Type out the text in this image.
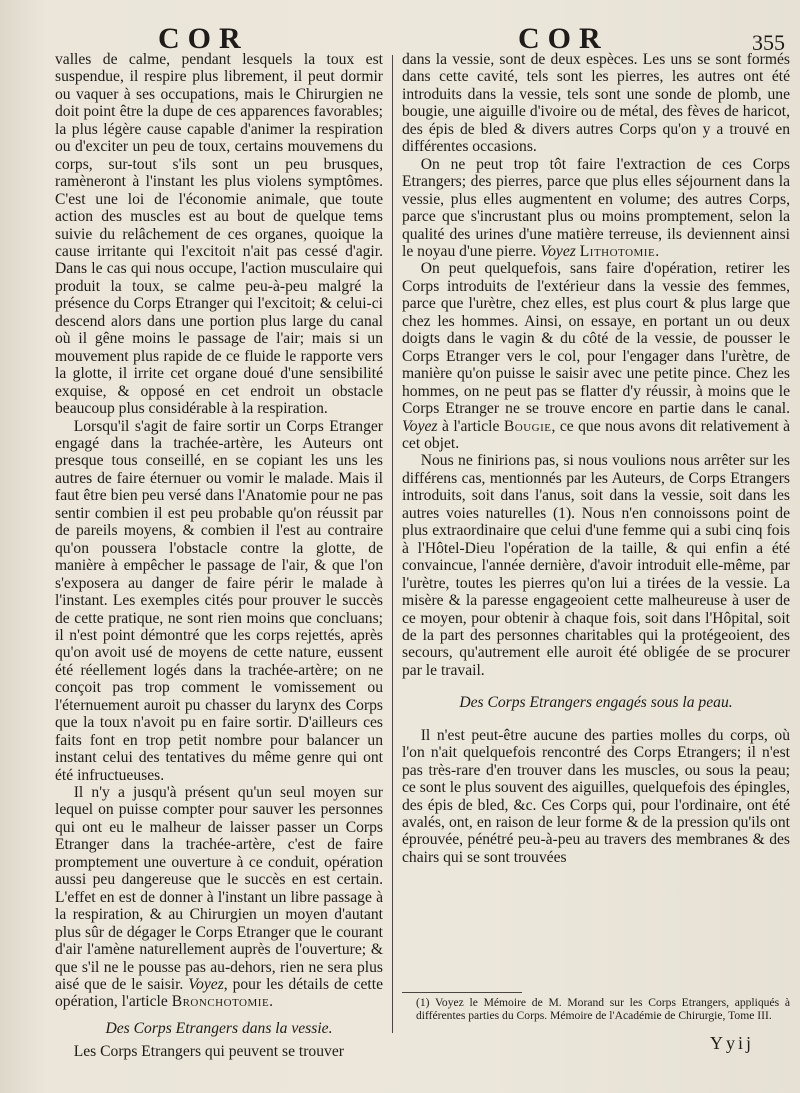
COR	COR	355

valles de calme, pendant lesquels la toux est suspendue, il respire plus librement, il peut dormir ou vaquer à ses occupations, mais le Chirurgien ne doit point être la dupe de ces apparences favorables; la plus légère cause capable d'animer la respiration ou d'exciter un peu de toux, certains mouvemens du corps, sur-tout s'ils sont un peu brusques, ramèneront à l'instant les plus violens symptômes. C'est une loi de l'économie animale, que toute action des muscles est au bout de quelque tems suivie du relâchement de ces organes, quoique la cause irritante qui l'excitoit n'ait pas cessé d'agir. Dans le cas qui nous occupe, l'action musculaire qui produit la toux, se calme peu-à-peu malgré la présence du Corps Etranger qui l'excitoit; & celui-ci descend alors dans une portion plus large du canal où il gêne moins le passage de l'air; mais si un mouvement plus rapide de ce fluide le rapporte vers la glotte, il irrite cet organe doué d'une sensibilité exquise, & opposé en cet endroit un obstacle beaucoup plus considérable à la respiration.

Lorsqu'il s'agit de faire sortir un Corps Etranger engagé dans la trachée-artère, les Auteurs ont presque tous conseillé, en se copiant les uns les autres de faire éternuer ou vomir le malade. Mais il faut être bien peu versé dans l'Anatomie pour ne pas sentir combien il est peu probable qu'on réussit par de pareils moyens, & combien il l'est au contraire qu'on poussera l'obstacle contre la glotte, de manière à empêcher le passage de l'air, & que l'on s'exposera au danger de faire périr le malade à l'instant. Les exemples cités pour prouver le succès de cette pratique, ne sont rien moins que concluans; il n'est point démontré que les corps rejettés, après qu'on avoit usé de moyens de cette nature, eussent été réellement logés dans la trachée-artère; on ne conçoit pas trop comment le vomissement ou l'éternuement auroit pu chasser du larynx des Corps que la toux n'avoit pu en faire sortir. D'ailleurs ces faits font en trop petit nombre pour balancer un instant celui des tentatives du même genre qui ont été infructueuses.

Il n'y a jusqu'à présent qu'un seul moyen sur lequel on puisse compter pour sauver les personnes qui ont eu le malheur de laisser passer un Corps Etranger dans la trachée-artère, c'est de faire promptement une ouverture à ce conduit, opération aussi peu dangereuse que le succès en est certain. L'effet en est de donner à l'instant un libre passage à la respiration, & au Chirurgien un moyen d'autant plus sûr de dégager le Corps Etranger que le courant d'air l'amène naturellement auprès de l'ouverture; & que s'il ne le pousse pas au-dehors, rien ne sera plus aisé que de le saisir. Voyez, pour les détails de cette opération, l'article Bronchotomie.

Des Corps Etrangers dans la vessie.

Les Corps Etrangers qui peuvent se trouver

dans la vessie, sont de deux espèces. Les uns se sont formés dans cette cavité, tels sont les pierres, les autres ont été introduits dans la vessie, tels sont une sonde de plomb, une bougie, une aiguille d'ivoire ou de métal, des fèves de haricot, des épis de bled & divers autres Corps qu'on y a trouvé en différentes occasions.

On ne peut trop tôt faire l'extraction de ces Corps Etrangers; des pierres, parce que plus elles séjournent dans la vessie, plus elles augmentent en volume; des autres Corps, parce que s'incrustant plus ou moins promptement, selon la qualité des urines d'une matière terreuse, ils deviennent ainsi le noyau d'une pierre. Voyez Lithotomie.

On peut quelquefois, sans faire d'opération, retirer les Corps introduits de l'extérieur dans la vessie des femmes, parce que l'urètre, chez elles, est plus court & plus large que chez les hommes. Ainsi, on essaye, en portant un ou deux doigts dans le vagin & du côté de la vessie, de pousser le Corps Etranger vers le col, pour l'engager dans l'urètre, de manière qu'on puisse le saisir avec une petite pince. Chez les hommes, on ne peut pas se flatter d'y réussir, à moins que le Corps Etranger ne se trouve encore en partie dans le canal. Voyez à l'article Bougie, ce que nous avons dit relativement à cet objet.

Nous ne finirions pas, si nous voulions nous arrêter sur les différens cas, mentionnés par les Auteurs, de Corps Etrangers introduits, soit dans l'anus, soit dans la vessie, soit dans les autres voies naturelles (1). Nous n'en connoissons point de plus extraordinaire que celui d'une femme qui a subi cinq fois à l'Hôtel-Dieu l'opération de la taille, & qui enfin a été convaincue, l'année dernière, d'avoir introduit elle-même, par l'urètre, toutes les pierres qu'on lui a tirées de la vessie. La misère & la paresse engageoient cette malheureuse à user de ce moyen, pour obtenir à chaque fois, soit dans l'Hôpital, soit de la part des personnes charitables qui la protégeoient, des secours, qu'autrement elle auroit été obligée de se procurer par le travail.

Des Corps Etrangers engagés sous la peau.

Il n'est peut-être aucune des parties molles du corps, où l'on n'ait quelquefois rencontré des Corps Etrangers; il n'est pas très-rare d'en trouver dans les muscles, ou sous la peau; ce sont le plus souvent des aiguilles, quelquefois des épingles, des épis de bled, &c. Ces Corps qui, pour l'ordinaire, ont été avalés, ont, en raison de leur forme & de la pression qu'ils ont éprouvée, pénétré peu-à-peu au travers des membranes & des chairs qui se sont trouvées

(1) Voyez le Mémoire de M. Morand sur les Corps Etrangers, appliqués à différentes parties du Corps. Mémoire de l'Académie de Chirurgie, Tome III.
Yyij
